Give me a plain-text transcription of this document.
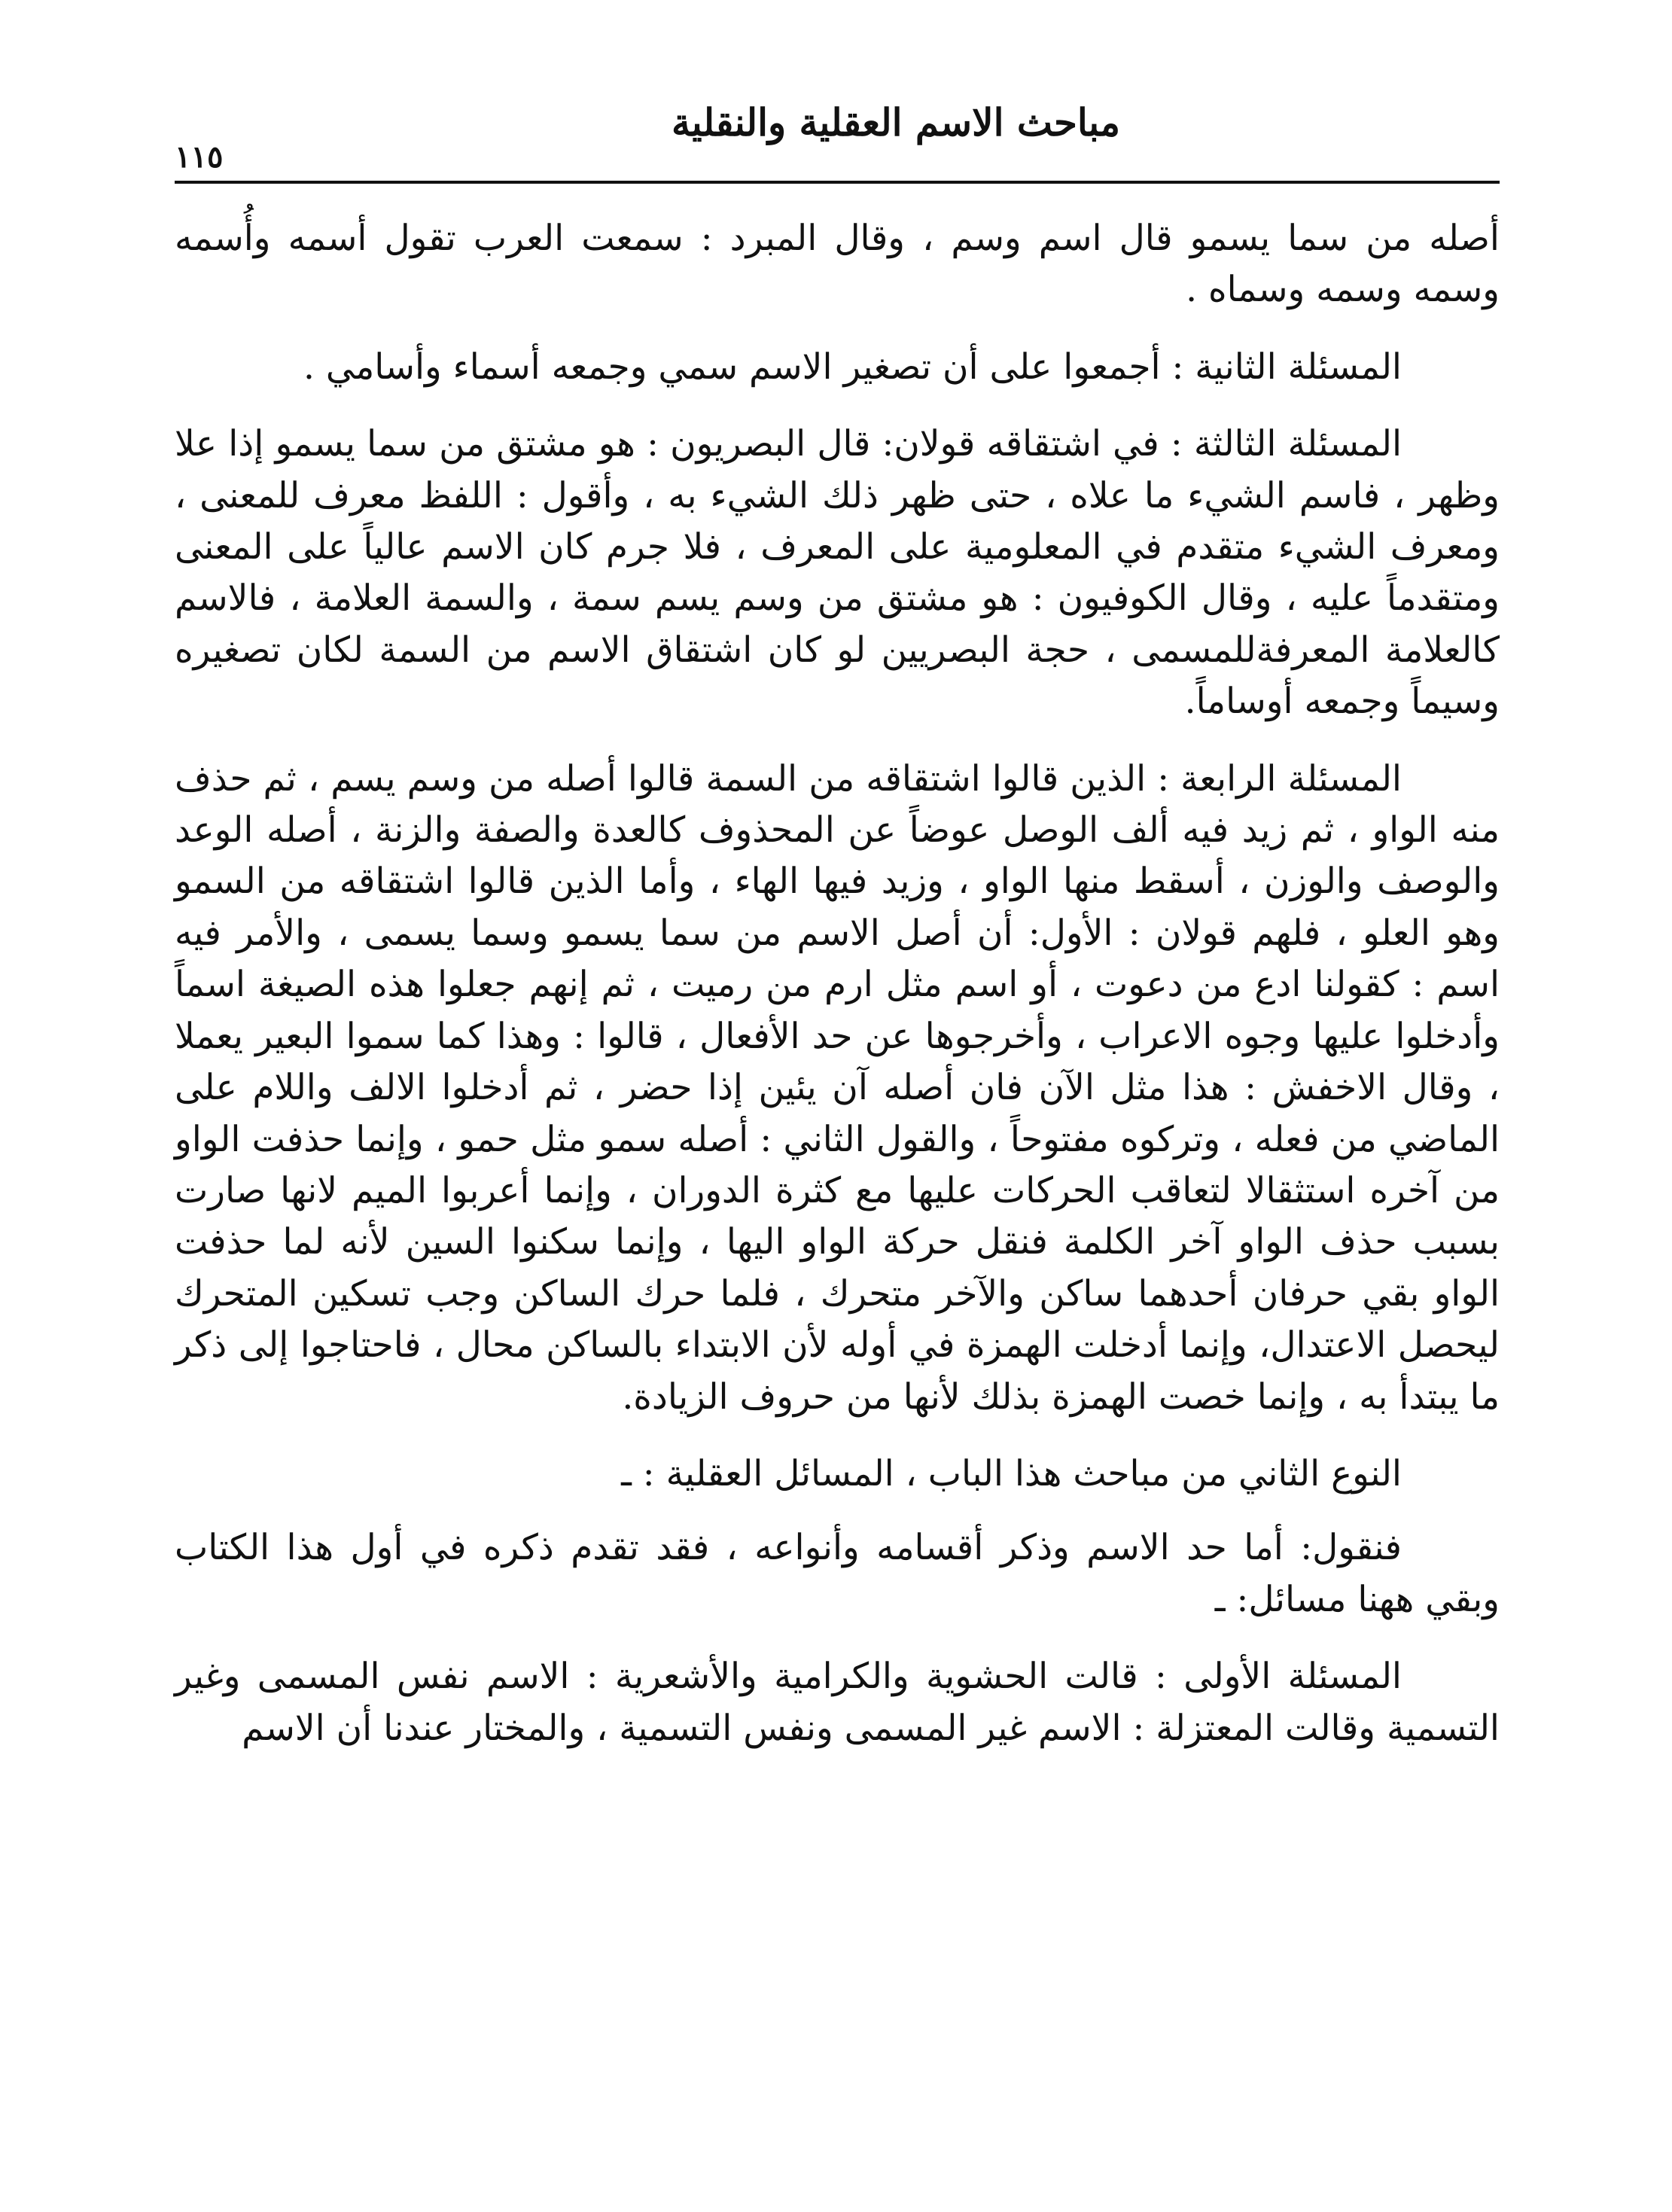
مباحث الاسم العقلية والنقلية
١١٥

أصله من سما يسمو قال اسم وسم ، وقال المبرد : سمعت العرب تقول أسمه وأُسمه وسمه وسمه وسماه .

المسئلة الثانية : أجمعوا على أن تصغير الاسم سمي وجمعه أسماء وأسامي .

المسئلة الثالثة : في اشتقاقه قولان: قال البصريون : هو مشتق من سما يسمو إذا علا وظهر ، فاسم الشيء ما علاه ، حتى ظهر ذلك الشيء به ، وأقول : اللفظ معرف للمعنى ، ومعرف الشيء متقدم في المعلومية على المعرف ، فلا جرم كان الاسم عالياً على المعنى ومتقدماً عليه ، وقال الكوفيون : هو مشتق من وسم يسم سمة ، والسمة العلامة ، فالاسم كالعلامة المعرفةللمسمى ، حجة البصريين لو كان اشتقاق الاسم من السمة لكان تصغيره وسيماً وجمعه أوساماً.

المسئلة الرابعة : الذين قالوا اشتقاقه من السمة قالوا أصله من وسم يسم ، ثم حذف منه الواو ، ثم زيد فيه ألف الوصل عوضاً عن المحذوف كالعدة والصفة والزنة ، أصله الوعد والوصف والوزن ، أسقط منها الواو ، وزيد فيها الهاء ، وأما الذين قالوا اشتقاقه من السمو وهو العلو ، فلهم قولان : الأول: أن أصل الاسم من سما يسمو وسما يسمى ، والأمر فيه اسم : كقولنا ادع من دعوت ، أو اسم مثل ارم من رميت ، ثم إنهم جعلوا هذه الصيغة اسماً وأدخلوا عليها وجوه الاعراب ، وأخرجوها عن حد الأفعال ، قالوا : وهذا كما سموا البعير يعملا ، وقال الاخفش : هذا مثل الآن فان أصله آن يئين إذا حضر ، ثم أدخلوا الالف واللام على الماضي من فعله ، وتركوه مفتوحاً ، والقول الثاني : أصله سمو مثل حمو ، وإنما حذفت الواو من آخره استثقالا لتعاقب الحركات عليها مع كثرة الدوران ، وإنما أعربوا الميم لانها صارت بسبب حذف الواو آخر الكلمة فنقل حركة الواو اليها ، وإنما سكنوا السين لأنه لما حذفت الواو بقي حرفان أحدهما ساكن والآخر متحرك ، فلما حرك الساكن وجب تسكين المتحرك ليحصل الاعتدال، وإنما أدخلت الهمزة في أوله لأن الابتداء بالساكن محال ، فاحتاجوا إلى ذكر ما يبتدأ به ، وإنما خصت الهمزة بذلك لأنها من حروف الزيادة.

النوع الثاني من مباحث هذا الباب ، المسائل العقلية : ـ

فنقول: أما حد الاسم وذكر أقسامه وأنواعه ، فقد تقدم ذكره في أول هذا الكتاب وبقي ههنا مسائل: ـ

المسئلة الأولى : قالت الحشوية والكرامية والأشعرية : الاسم نفس المسمى وغير التسمية وقالت المعتزلة : الاسم غير المسمى ونفس التسمية ، والمختار عندنا أن الاسم
